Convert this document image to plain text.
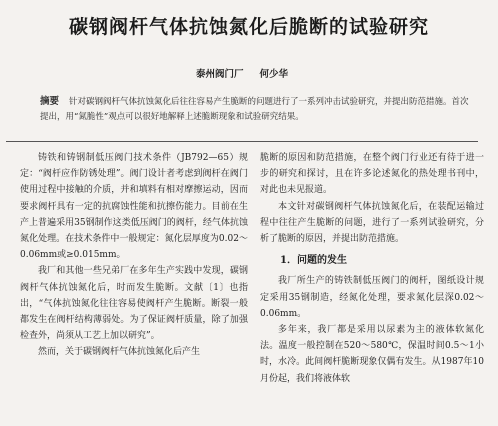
碳钢阀杆气体抗蚀氮化后脆断的试验研究
泰州阀门厂 何少华
摘要 针对碳钢阀杆气体抗蚀氮化后往往容易产生脆断的问题进行了一系列冲击试验研究，并提出防范措施。首次提出，用“氮脆性”观点可以很好地解释上述脆断现象和试验研究结果。

铸铁和铸钢制低压阀门技术条件（JB792—65）规定：“阀杆应作防锈处理”。阀门设计者考虑到阀杆在阀门使用过程中接触的介质，并和填料有相对摩擦运动，因而要求阀杆具有一定的抗腐蚀性能和抗擦伤能力。目前在生产上普遍采用35钢制作这类低压阀门的阀杆，经气体抗蚀氮化处理。在技术条件中一般规定：氮化层厚度为0.02～0.06mm或≥0.015mm。

我厂和其他一些兄弟厂在多年生产实践中发现，碳钢阀杆气体抗蚀氮化后，时而发生脆断。文献〔1〕也指出，“气体抗蚀氮化往往容易使阀杆产生脆断。断裂一般都发生在阀杆结构薄弱处。为了保证阀杆质量，除了加强检查外，尚须从工艺上加以研究”。

然而，关于碳钢阀杆气体抗蚀氮化后产生

脆断的原因和防范措施，在整个阀门行业还有待于进一步的研究和探讨，且在许多论述氮化的热处理书刊中，对此也未见报道。

本文针对碳钢阀杆气体抗蚀氮化后，在装配运输过程中往往产生脆断的问题，进行了一系列试验研究，分析了脆断的原因，并提出防范措施。

1．问题的发生

我厂所生产的铸铁制低压阀门的阀杆，图纸设计规定采用35钢制造，经氮化处理，要求氮化层深0.02～0.06mm。

多年来，我厂都是采用以尿素为主的液体软氮化法。温度一般控制在520～580℃，保温时间0.5～1小时，水冷。此间阀杆脆断现象仅偶有发生。从1987年10月份起，我们将液体软
